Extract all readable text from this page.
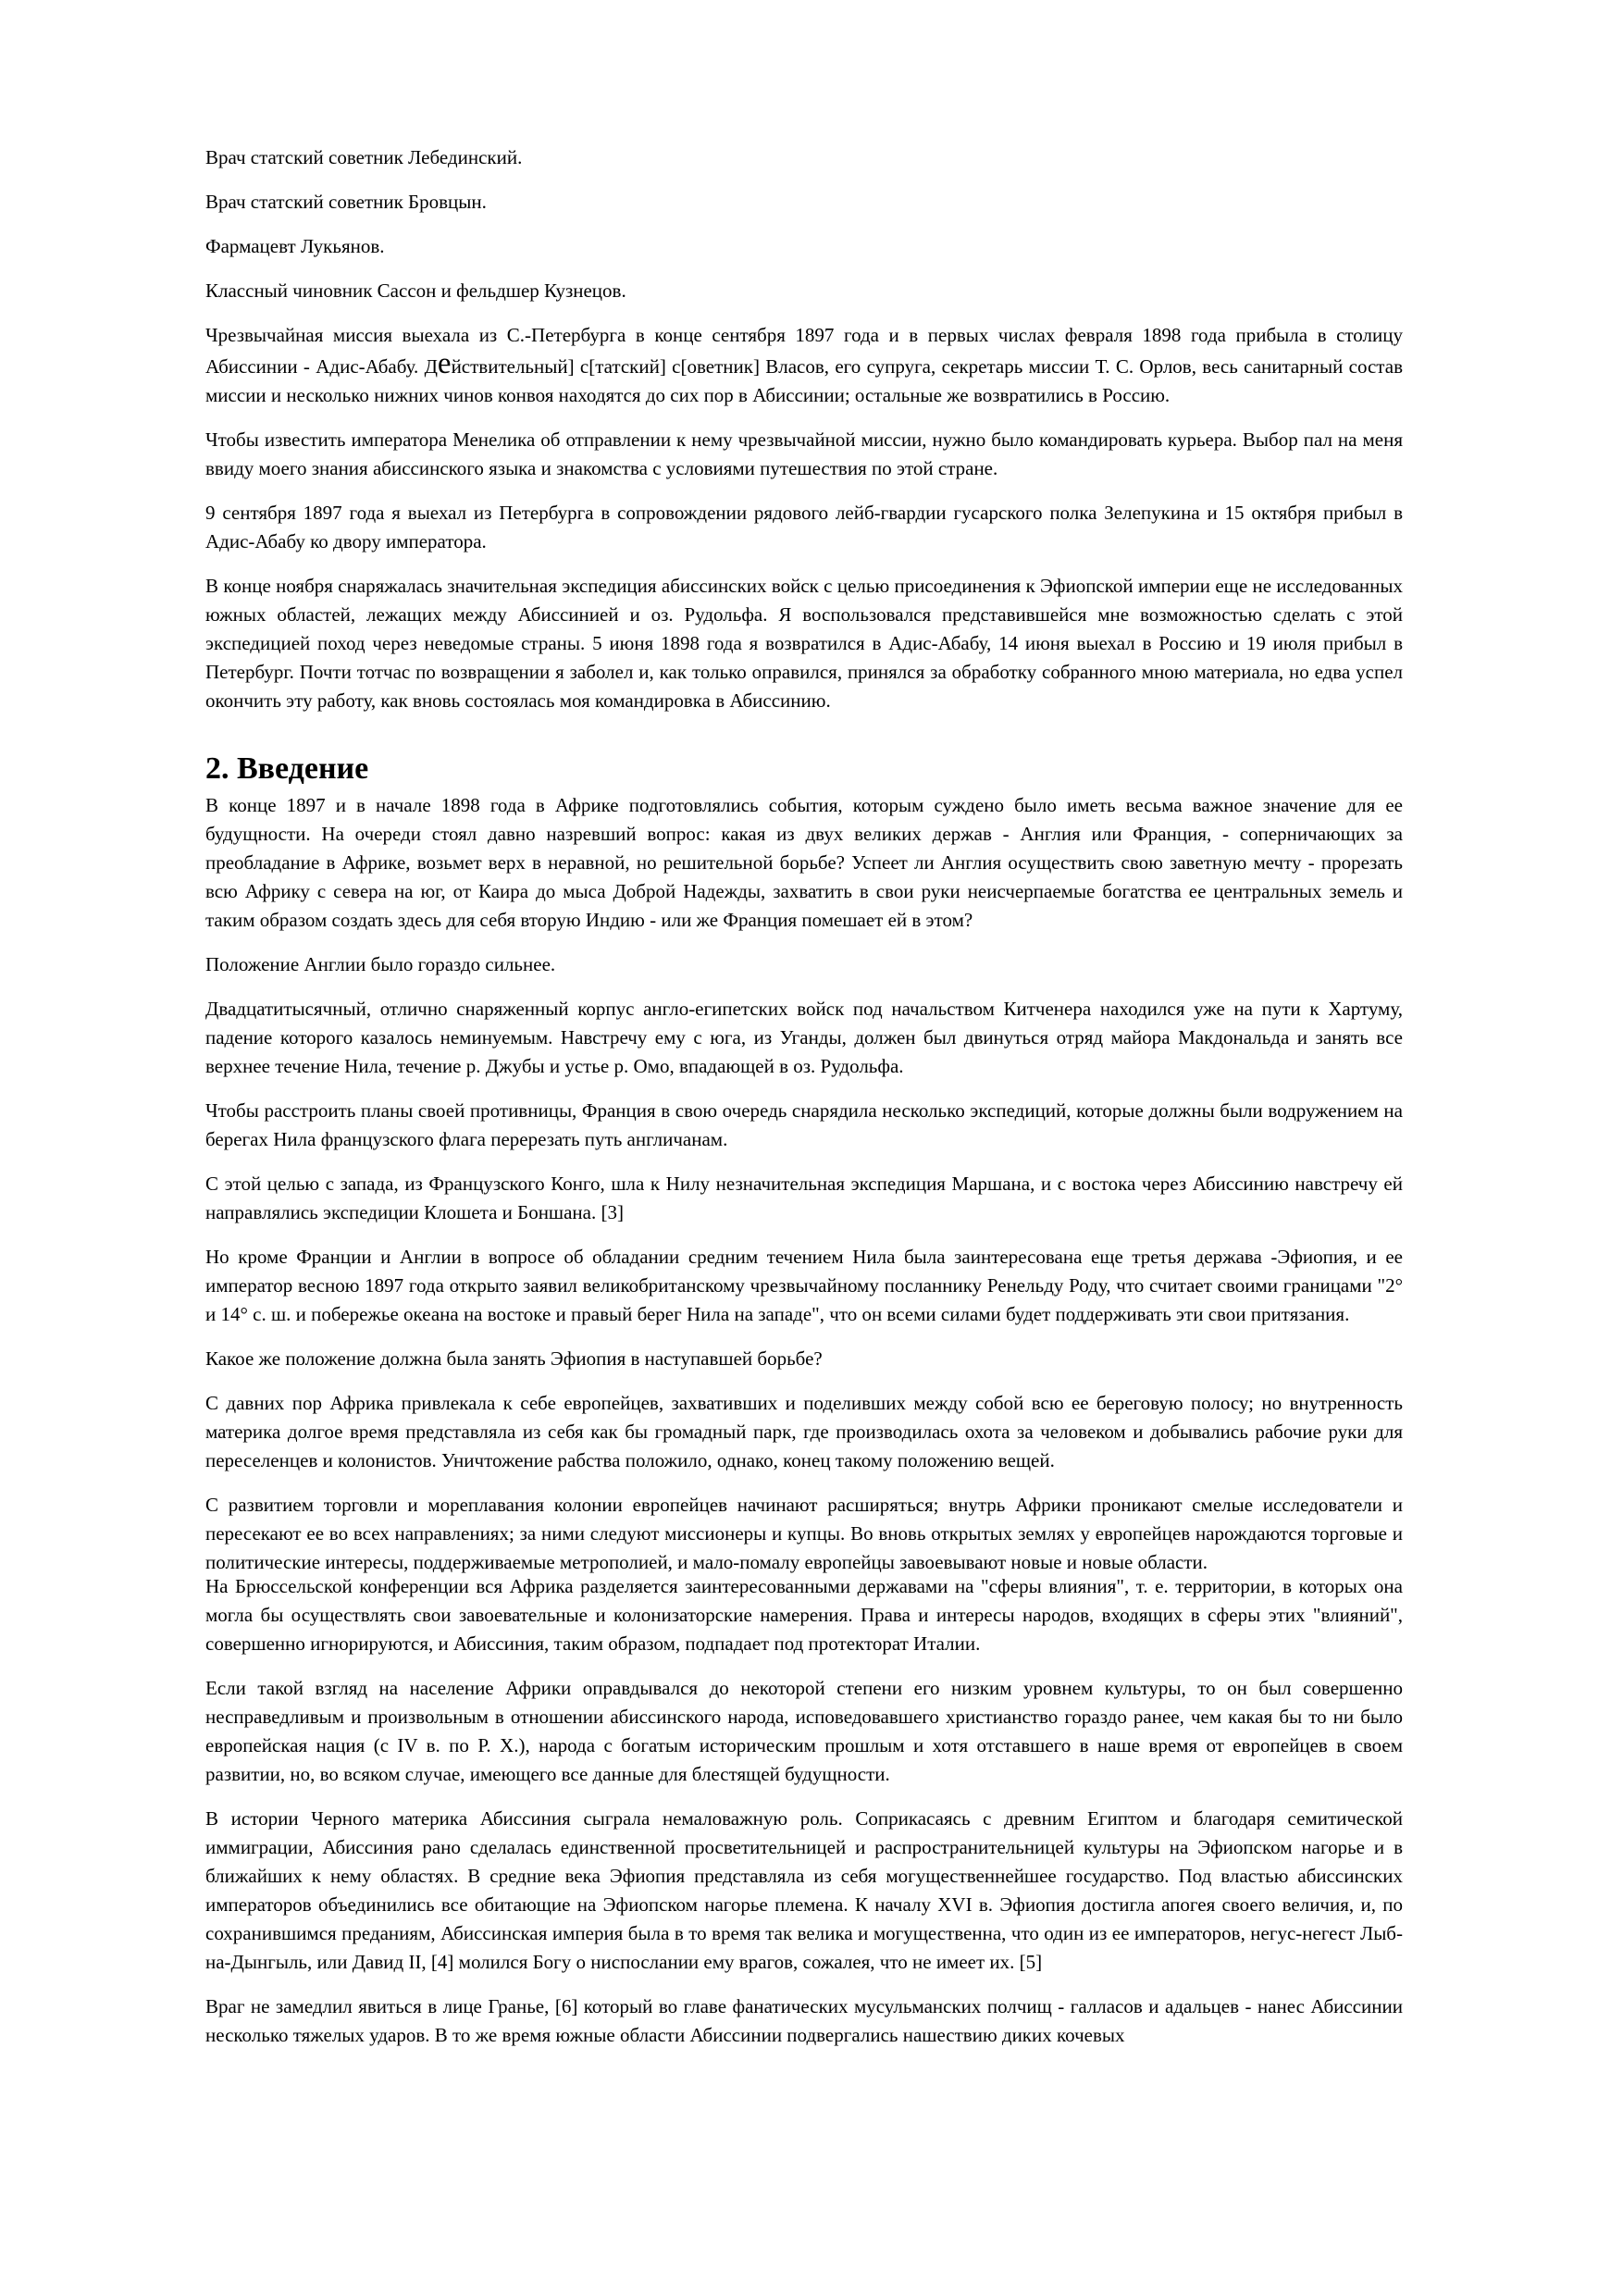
Врач статский советник Лебединский.

Врач статский советник Бровцын.

Фармацевт Лукьянов.

Классный чиновник Сассон и фельдшер Кузнецов.

Чрезвычайная миссия выехала из С.-Петербурга в конце сентября 1897 года и в первых числах февраля 1898 года прибыла в столицу Абиссинии - Адис-Абабу. Действительный] с[татский] с[оветник] Власов, его супруга, секретарь миссии Т. С. Орлов, весь санитарный состав миссии и несколько нижних чинов конвоя находятся до сих пор в Абиссинии; остальные же возвратились в Россию.

Чтобы известить императора Менелика об отправлении к нему чрезвычайной миссии, нужно было командировать курьера. Выбор пал на меня ввиду моего знания абиссинского языка и знакомства с условиями путешествия по этой стране.

9 сентября 1897 года я выехал из Петербурга в сопровождении рядового лейб-гвардии гусарского полка Зелепукина и 15 октября прибыл в Адис-Абабу ко двору императора.

В конце ноября снаряжалась значительная экспедиция абиссинских войск с целью присоединения к Эфиопской империи еще не исследованных южных областей, лежащих между Абиссинией и оз. Рудольфа. Я воспользовался представившейся мне возможностью сделать с этой экспедицией поход через неведомые страны. 5 июня 1898 года я возвратился в Адис-Абабу, 14 июня выехал в Россию и 19 июля прибыл в Петербург. Почти тотчас по возвращении я заболел и, как только оправился, принялся за обработку собранного мною материала, но едва успел окончить эту работу, как вновь состоялась моя командировка в Абиссинию.

2. Введение

В конце 1897 и в начале 1898 года в Африке подготовлялись события, которым суждено было иметь весьма важное значение для ее будущности. На очереди стоял давно назревший вопрос: какая из двух великих держав - Англия или Франция, - соперничающих за преобладание в Африке, возьмет верх в неравной, но решительной борьбе? Успеет ли Англия осуществить свою заветную мечту - прорезать всю Африку с севера на юг, от Каира до мыса Доброй Надежды, захватить в свои руки неисчерпаемые богатства ее центральных земель и таким образом создать здесь для себя вторую Индию - или же Франция помешает ей в этом?

Положение Англии было гораздо сильнее.

Двадцатитысячный, отлично снаряженный корпус англо-египетских войск под начальством Китченера находился уже на пути к Хартуму, падение которого казалось неминуемым. Навстречу ему с юга, из Уганды, должен был двинуться отряд майора Макдональда и занять все верхнее течение Нила, течение р. Джубы и устье р. Омо, впадающей в оз. Рудольфа.

Чтобы расстроить планы своей противницы, Франция в свою очередь снарядила несколько экспедиций, которые должны были водружением на берегах Нила французского флага перерезать путь англичанам.

С этой целью с запада, из Французского Конго, шла к Нилу незначительная экспедиция Маршана, и с востока через Абиссинию навстречу ей направлялись экспедиции Клошета и Боншана. [3]

Но кроме Франции и Англии в вопросе об обладании средним течением Нила была заинтересована еще третья держава -Эфиопия, и ее император весною 1897 года открыто заявил великобританскому чрезвычайному посланнику Ренельду Роду, что считает своими границами "2° и 14° с. ш. и побережье океана на востоке и правый берег Нила на западе", что он всеми силами будет поддерживать эти свои притязания.

Какое же положение должна была занять Эфиопия в наступавшей борьбе?

С давних пор Африка привлекала к себе европейцев, захвативших и поделивших между собой всю ее береговую полосу; но внутренность материка долгое время представляла из себя как бы громадный парк, где производилась охота за человеком и добывались рабочие руки для переселенцев и колонистов. Уничтожение рабства положило, однако, конец такому положению вещей.

С развитием торговли и мореплавания колонии европейцев начинают расширяться; внутрь Африки проникают смелые исследователи и пересекают ее во всех направлениях; за ними следуют миссионеры и купцы. Во вновь открытых землях у европейцев нарождаются торговые и политические интересы, поддерживаемые метрополией, и мало-помалу европейцы завоевывают новые и новые области.

На Брюссельской конференции вся Африка разделяется заинтересованными державами на "сферы влияния", т. е. территории, в которых она могла бы осуществлять свои завоевательные и колонизаторские намерения. Права и интересы народов, входящих в сферы этих "влияний", совершенно игнорируются, и Абиссиния, таким образом, подпадает под протекторат Италии.

Если такой взгляд на население Африки оправдывался до некоторой степени его низким уровнем культуры, то он был совершенно несправедливым и произвольным в отношении абиссинского народа, исповедовавшего христианство гораздо ранее, чем какая бы то ни было европейская нация (с IV в. по Р. Х.), народа с богатым историческим прошлым и хотя отставшего в наше время от европейцев в своем развитии, но, во всяком случае, имеющего все данные для блестящей будущности.

В истории Черного материка Абиссиния сыграла немаловажную роль. Соприкасаясь с древним Египтом и благодаря семитической иммиграции, Абиссиния рано сделалась единственной просветительницей и распространительницей культуры на Эфиопском нагорье и в ближайших к нему областях. В средние века Эфиопия представляла из себя могущественнейшее государство. Под властью абиссинских императоров объединились все обитающие на Эфиопском нагорье племена. К началу XVI в. Эфиопия достигла апогея своего величия, и, по сохранившимся преданиям, Абиссинская империя была в то время так велика и могущественна, что один из ее императоров, негус-негест Лыб-на-Дынгыль, или Давид II, [4] молился Богу о ниспослании ему врагов, сожалея, что не имеет их. [5]

Враг не замедлил явиться в лице Гранье, [6] который во главе фанатических мусульманских полчищ - галласов и адальцев - нанес Абиссинии несколько тяжелых ударов. В то же время южные области Абиссинии подвергались нашествию диких кочевых
